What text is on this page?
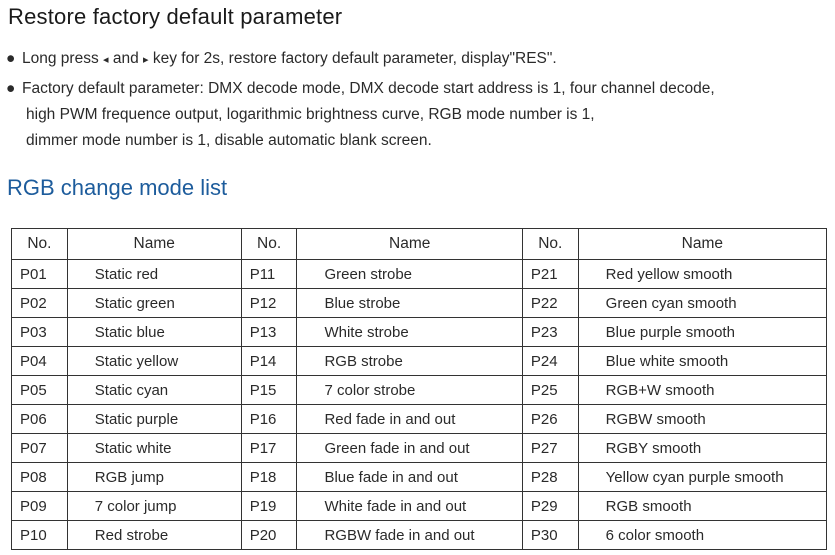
Restore factory default parameter
● Long press ◂ and ▸ key for 2s, restore factory default parameter, display"RES".
● Factory default parameter: DMX decode mode, DMX decode start address is 1, four channel decode,
high PWM frequence output, logarithmic brightness curve, RGB mode number is 1,
dimmer mode number is 1, disable automatic blank screen.
RGB change mode list
No.	Name	No.	Name	No.	Name
P01	Static red	P11	Green strobe	P21	Red yellow smooth
P02	Static green	P12	Blue strobe	P22	Green cyan smooth
P03	Static blue	P13	White strobe	P23	Blue purple smooth
P04	Static yellow	P14	RGB strobe	P24	Blue white smooth
P05	Static cyan	P15	7 color strobe	P25	RGB+W smooth
P06	Static purple	P16	Red fade in and out	P26	RGBW smooth
P07	Static white	P17	Green fade in and out	P27	RGBY smooth
P08	RGB jump	P18	Blue fade in and out	P28	Yellow cyan purple smooth
P09	7 color jump	P19	White fade in and out	P29	RGB smooth
P10	Red strobe	P20	RGBW fade in and out	P30	6 color smooth
